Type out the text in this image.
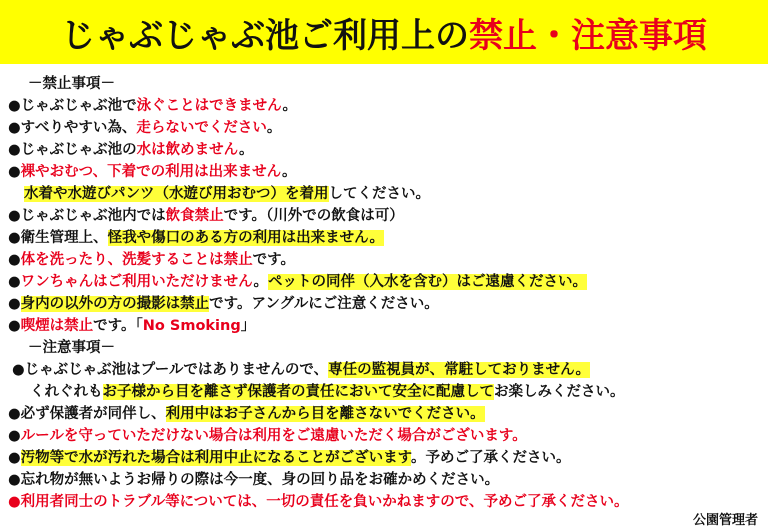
じゃぶじゃぶ池ご利用上の 禁止・注意事項
－禁止事項－
●じゃぶじゃぶ池で泳ぐことはできません。
●すべりやすい為、走らないでください。
●じゃぶじゃぶ池の水は飲めません。
●裸やおむつ、下着での利用は出来ません。
水着や水遊びパンツ（水遊び用おむつ）を着用してください。
●じゃぶじゃぶ池内では飲食禁止です。（川外での飲食は可）
●衛生管理上、怪我や傷口のある方の利用は出来ません。
●体を洗ったり、洗髪することは禁止です。
●ワンちゃんはご利用いただけません。ペットの同伴（入水を含む）はご遠慮ください。
●身内の以外の方の撮影は禁止です。アングルにご注意ください。
●喫煙は禁止です。「No Smoking」
－注意事項－
●じゃぶじゃぶ池はプールではありませんので、専任の監視員が、常駐しておりません。
くれぐれもお子様から目を離さず保護者の責任において安全に配慮してお楽しみください。
●必ず保護者が同伴し、利用中はお子さんから目を離さないでください。
●ルールを守っていただけない場合は利用をご遠慮いただく場合がございます。
●汚物等で水が汚れた場合は利用中止になることがございます。予めご了承ください。
●忘れ物が無いようお帰りの際は今一度、身の回り品をお確かめください。
●利用者同士のトラブル等については、一切の責任を負いかねますので、予めご了承ください。
公園管理者
